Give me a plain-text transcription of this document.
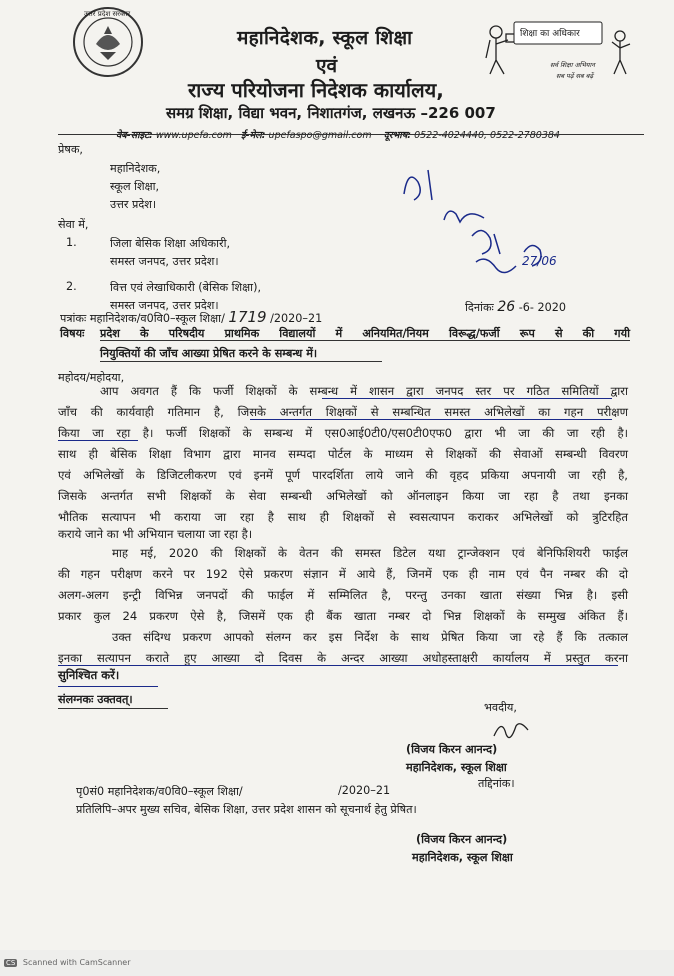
उत्तर प्रदेश सरकार
महानिदेशक, स्कूल शिक्षा
एवं
राज्य परियोजना निदेशक कार्यालय,
समग्र शिक्षा, विद्या भवन, निशातगंज, लखनऊ –226 007
वेब-साइट: www.upefa.com ई-मेल: upefaspo@gmail.com दूरभाष: 0522-4024440, 0522-2780384
शिक्षा का अधिकार
सर्व शिक्षा अभियान
सब पढ़ें सब बढ़ें
प्रेषक,
महानिदेशक,
स्कूल शिक्षा,
उत्तर प्रदेश।
सेवा में,
1.	जिला बेसिक शिक्षा अधिकारी,
समस्त जनपद, उत्तर प्रदेश।
2.	वित्त एवं लेखाधिकारी (बेसिक शिक्षा),
समस्त जनपद, उत्तर प्रदेश।
पत्रांकः महानिदेशक/व0वि0–स्कूल शिक्षा/ 1719 /2020–21
दिनांकः 26 -6- 2020
विषयः प्रदेश के परिषदीय प्राथमिक विद्यालयों में अनियमित/नियम विरूद्ध/फर्जी रूप से की गयी
नियुक्तियों की जाँच आख्या प्रेषित करने के सम्बन्ध में।
महोदय/महोदया,
आप अवगत हैं कि फर्जी शिक्षकों के सम्बन्ध में शासन द्वारा जनपद स्तर पर गठित समितियों द्वारा
जाँच की कार्यवाही गतिमान है, जिसके अन्तर्गत शिक्षकों से सम्बन्धित समस्त अभिलेखों का गहन परीक्षण
किया जा रहा है। फर्जी शिक्षकों के सम्बन्ध में एस0आई0टी0/एस0टी0एफ0 द्वारा भी जा की जा रही है।
साथ ही बेसिक शिक्षा विभाग द्वारा मानव सम्पदा पोर्टल के माध्यम से शिक्षकों की सेवाओं सम्बन्धी विवरण
एवं अभिलेखों के डिजिटलीकरण एवं इनमें पूर्ण पारदर्शिता लाये जाने की वृहद प्रकिया अपनायी जा रही है,
जिसके अन्तर्गत सभी शिक्षकों के सेवा सम्बन्धी अभिलेखों को ऑनलाइन किया जा रहा है तथा इनका
भौतिक सत्यापन भी कराया जा रहा है साथ ही शिक्षकों से स्वसत्यापन कराकर अभिलेखों को त्रुटिरहित
कराये जाने का भी अभियान चलाया जा रहा है।
माह मई, 2020 की शिक्षकों के वेतन की समस्त डिटेल यथा ट्रान्जेक्शन एवं बेनिफिशियरी फाईल
की गहन परीक्षण करने पर 192 ऐसे प्रकरण संज्ञान में आये हैं, जिनमें एक ही नाम एवं पैन नम्बर की दो
अलग-अलग इन्ट्री विभिन्न जनपदों की फाईल में सम्मिलित है, परन्तु उनका खाता संख्या भिन्न है। इसी
प्रकार कुल 24 प्रकरण ऐसे है, जिसमें एक ही बैंक खाता नम्बर दो भिन्न शिक्षकों के सम्मुख अंकित हैं।
उक्त संदिग्ध प्रकरण आपको संलग्न कर इस निर्देश के साथ प्रेषित किया जा रहे हैं कि तत्काल
इनका सत्यापन कराते हुए आख्या दो दिवस के अन्दर आख्या अधोहस्ताक्षरी कार्यालय में प्रस्तुत करना
सुनिश्चित करें।
संलग्नकः उक्तवत्।
भवदीय,
(विजय किरन आनन्द)
महानिदेशक, स्कूल शिक्षा
तद्दिनांक।
पृ0सं0 महानिदेशक/व0वि0–स्कूल शिक्षा/	/2020–21
प्रतिलिपि–अपर मुख्य सचिव, बेसिक शिक्षा, उत्तर प्रदेश शासन को सूचनार्थ हेतु प्रेषित।
(विजय किरन आनन्द)
महानिदेशक, स्कूल शिक्षा
27/06
CS Scanned with CamScanner
